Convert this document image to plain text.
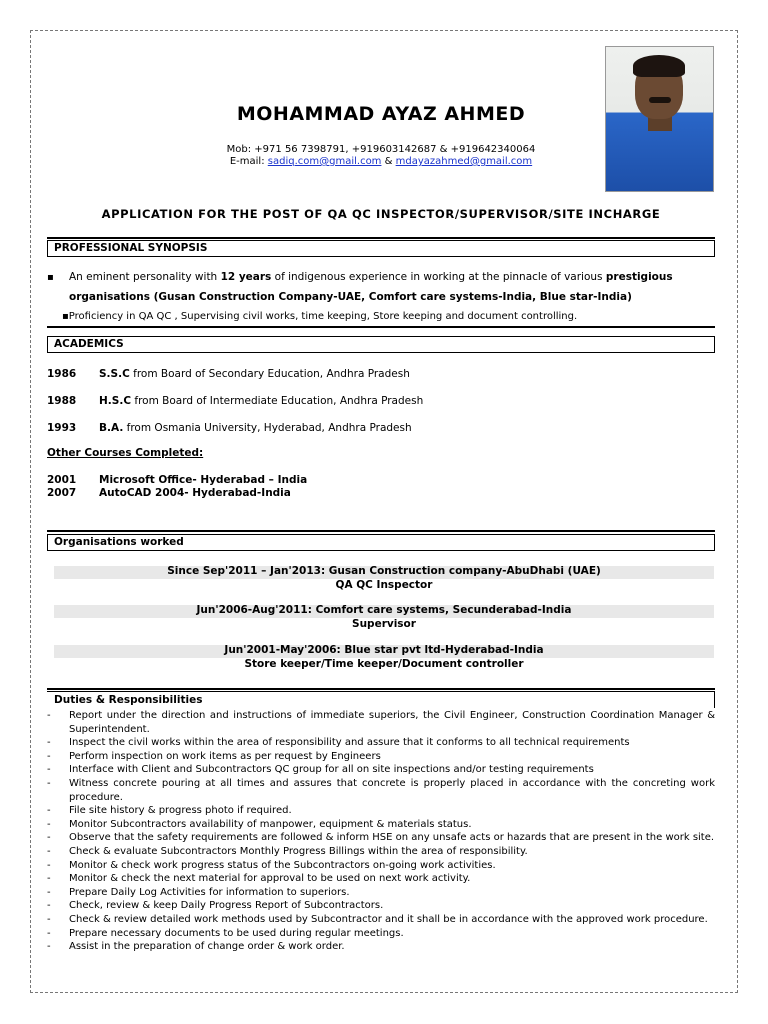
MOHAMMAD AYAZ AHMED
Mob: +971 56 7398791, +919603142687 & +919642340064
E-mail: sadiq.com@gmail.com & mdayazahmed@gmail.com
APPLICATION FOR THE POST OF QA QC INSPECTOR/SUPERVISOR/SITE INCHARGE
PROFESSIONAL SYNOPSIS
▪ An eminent personality with 12 years of indigenous experience in working at the pinnacle of various prestigious
organisations (Gusan Construction Company-UAE, Comfort care systems-India, Blue star-India)
▪Proficiency in QA QC , Supervising civil works, time keeping, Store keeping and document controlling.
ACADEMICS
1986 S.S.C from Board of Secondary Education, Andhra Pradesh
1988 H.S.C from Board of Intermediate Education, Andhra Pradesh
1993 B.A. from Osmania University, Hyderabad, Andhra Pradesh
Other Courses Completed:
2001 Microsoft Office- Hyderabad – India
2007 AutoCAD 2004- Hyderabad-India
Organisations worked
Since Sep'2011 – Jan'2013: Gusan Construction company-AbuDhabi (UAE)
QA QC Inspector
Jun'2006-Aug'2011: Comfort care systems, Secunderabad-India
Supervisor
Jun'2001-May'2006: Blue star pvt ltd-Hyderabad-India
Store keeper/Time keeper/Document controller
Duties & Responsibilities
- Report under the direction and instructions of immediate superiors, the Civil Engineer, Construction Coordination Manager & Superintendent.
- Inspect the civil works within the area of responsibility and assure that it conforms to all technical requirements
- Perform inspection on work items as per request by Engineers
- Interface with Client and Subcontractors QC group for all on site inspections and/or testing requirements
- Witness concrete pouring at all times and assures that concrete is properly placed in accordance with the concreting work procedure.
- File site history & progress photo if required.
- Monitor Subcontractors availability of manpower, equipment & materials status.
- Observe that the safety requirements are followed & inform HSE on any unsafe acts or hazards that are present in the work site.
- Check & evaluate Subcontractors Monthly Progress Billings within the area of responsibility.
- Monitor & check work progress status of the Subcontractors on-going work activities.
- Monitor & check the next material for approval to be used on next work activity.
- Prepare Daily Log Activities for information to superiors.
- Check, review & keep Daily Progress Report of Subcontractors.
- Check & review detailed work methods used by Subcontractor and it shall be in accordance with the approved work procedure.
- Prepare necessary documents to be used during regular meetings.
- Assist in the preparation of change order & work order.
